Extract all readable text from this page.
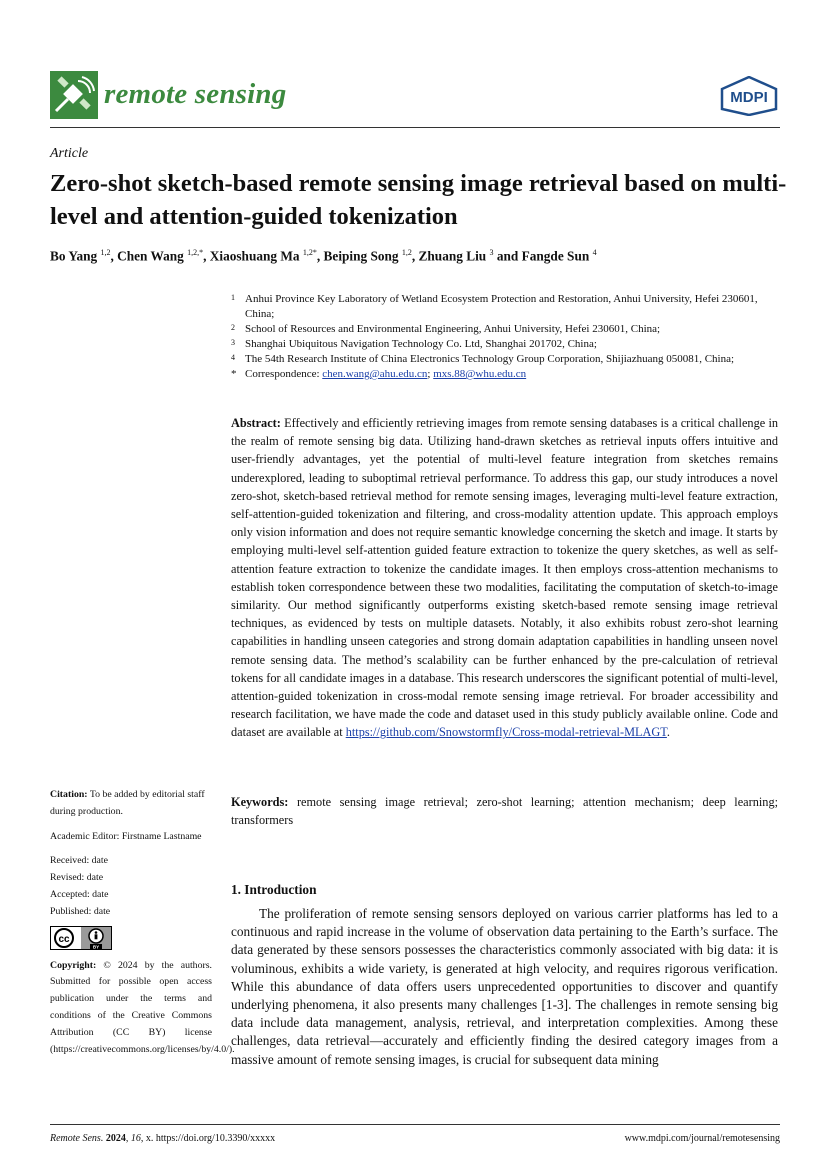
remote sensing	MDPI
Article
Zero-shot sketch-based remote sensing image retrieval based on multi-level and attention-guided tokenization
Bo Yang $^{1,2}$, Chen Wang $^{1,2,*}$, Xiaoshuang Ma $^{1,2*}$, Beiping Song $^{1,2}$, Zhuang Liu $^3$ and Fangde Sun $^4$
1 Anhui Province Key Laboratory of Wetland Ecosystem Protection and Restoration, Anhui University, Hefei 230601, China;
2 School of Resources and Environmental Engineering, Anhui University, Hefei 230601, China;
3 Shanghai Ubiquitous Navigation Technology Co. Ltd, Shanghai 201702, China;
4 The 54th Research Institute of China Electronics Technology Group Corporation, Shijiazhuang 050081, China;
* Correspondence: chen.wang@ahu.edu.cn; mxs.88@whu.edu.cn
Abstract: Effectively and efficiently retrieving images from remote sensing databases is a critical challenge in the realm of remote sensing big data. Utilizing hand-drawn sketches as retrieval inputs offers intuitive and user-friendly advantages, yet the potential of multi-level feature integration from sketches remains underexplored, leading to suboptimal retrieval performance. To address this gap, our study introduces a novel zero-shot, sketch-based retrieval method for remote sensing images, leveraging multi-level feature extraction, self-attention-guided tokenization and filtering, and cross-modality attention update. This approach employs only vision information and does not require semantic knowledge concerning the sketch and image. It starts by employing multi-level self-attention guided feature extraction to tokenize the query sketches, as well as self-attention feature extraction to tokenize the candidate images. It then employs cross-attention mechanisms to establish token correspondence between these two modalities, facilitating the computation of sketch-to-image similarity. Our method significantly outperforms existing sketch-based remote sensing image retrieval techniques, as evidenced by tests on multiple datasets. Notably, it also exhibits robust zero-shot learning capabilities in handling unseen categories and strong domain adaptation capabilities in handling unseen novel remote sensing data. The method’s scalability can be further enhanced by the pre-calculation of retrieval tokens for all candidate images in a database. This research underscores the significant potential of multi-level, attention-guided tokenization in cross-modal remote sensing image retrieval. For broader accessibility and research facilitation, we have made the code and dataset used in this study publicly available online. Code and dataset are available at https://github.com/Snowstormfly/Cross-modal-retrieval-MLAGT.
Keywords: remote sensing image retrieval; zero-shot learning; attention mechanism; deep learning; transformers

Citation: To be added by editorial staff during production.

Academic Editor: Firstname Lastname

Received: date

Revised: date

Accepted: date

Published: date

cc
BY

Copyright: © 2024 by the authors. Submitted for possible open access publication under the terms and conditions of the Creative Commons Attribution (CC BY) license (https://creativecommons.org/licenses/by/4.0/).

1. Introduction
The proliferation of remote sensing sensors deployed on various carrier platforms has led to a continuous and rapid increase in the volume of observation data pertaining to the Earth’s surface. The data generated by these sensors possesses the characteristics commonly associated with big data: it is voluminous, exhibits a wide variety, is generated at high velocity, and requires rigorous verification. While this abundance of data offers users unprecedented opportunities to discover and quantify underlying phenomena, it also presents many challenges [1-3]. The challenges in remote sensing big data include data management, analysis, retrieval, and interpretation complexities. Among these challenges, data retrieval—accurately and efficiently finding the desired category images from a massive amount of remote sensing images, is crucial for subsequent data mining
Remote Sens. 2024, 16, x. https://doi.org/10.3390/xxxxx	www.mdpi.com/journal/remotesensing
